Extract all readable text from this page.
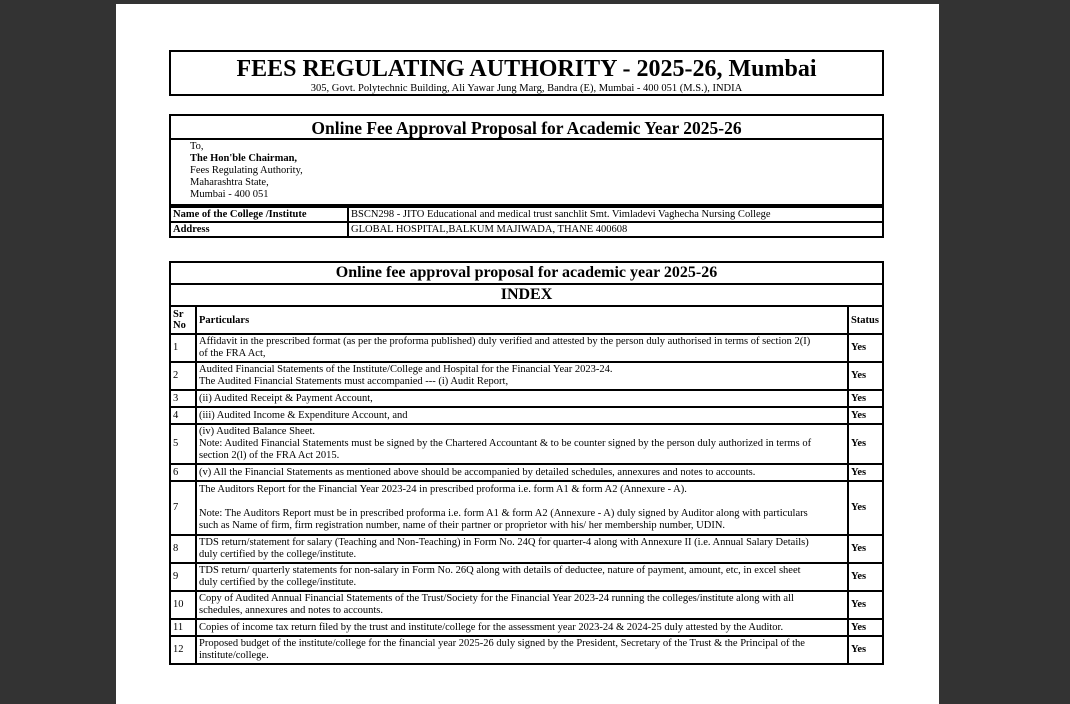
FEES REGULATING AUTHORITY - 2025-26, Mumbai
305, Govt. Polytechnic Building, Ali Yawar Jung Marg, Bandra (E), Mumbai - 400 051 (M.S.), INDIA
Online Fee Approval Proposal for Academic Year 2025-26
To,
The Hon'ble Chairman,
Fees Regulating Authority,
Maharashtra State,
Mumbai - 400 051
Name of the College /Institute	BSCN298 - JITO Educational and medical trust sanchlit Smt. Vimladevi Vaghecha Nursing College
Address	GLOBAL HOSPITAL,BALKUM MAJIWADA, THANE 400608
Online fee approval proposal for academic year 2025-26		
INDEX		
Sr
No	Particulars	Status
1	Affidavit in the prescribed format (as per the proforma published) duly verified and attested by the person duly authorised in terms of section 2(I)
of the FRA Act,	Yes
2	Audited Financial Statements of the Institute/College and Hospital for the Financial Year 2023-24.
The Audited Financial Statements must accompanied --- (i) Audit Report,	Yes
3	(ii) Audited Receipt & Payment Account,	Yes
4	(iii) Audited Income & Expenditure Account, and	Yes
5	(iv) Audited Balance Sheet.
Note: Audited Financial Statements must be signed by the Chartered Accountant & to be counter signed by the person duly authorized in terms of
section 2(l) of the FRA Act 2015.	Yes
6	(v) All the Financial Statements as mentioned above should be accompanied by detailed schedules, annexures and notes to accounts.	Yes
7	The Auditors Report for the Financial Year 2023-24 in prescribed proforma i.e. form A1 & form A2 (Annexure - A).
Note: The Auditors Report must be in prescribed proforma i.e. form A1 & form A2 (Annexure - A) duly signed by Auditor along with particulars
such as Name of firm, firm registration number, name of their partner or proprietor with his/ her membership number, UDIN.	Yes
8	TDS return/statement for salary (Teaching and Non-Teaching) in Form No. 24Q for quarter-4 along with Annexure II (i.e. Annual Salary Details)
duly certified by the college/institute.	Yes
9	TDS return/ quarterly statements for non-salary in Form No. 26Q along with details of deductee, nature of payment, amount, etc, in excel sheet
duly certified by the college/institute.	Yes
10	Copy of Audited Annual Financial Statements of the Trust/Society for the Financial Year 2023-24 running the colleges/institute along with all
schedules, annexures and notes to accounts.	Yes
11	Copies of income tax return filed by the trust and institute/college for the assessment year 2023-24 & 2024-25 duly attested by the Auditor.	Yes
12	Proposed budget of the institute/college for the financial year 2025-26 duly signed by the President, Secretary of the Trust & the Principal of the
institute/college.	Yes
